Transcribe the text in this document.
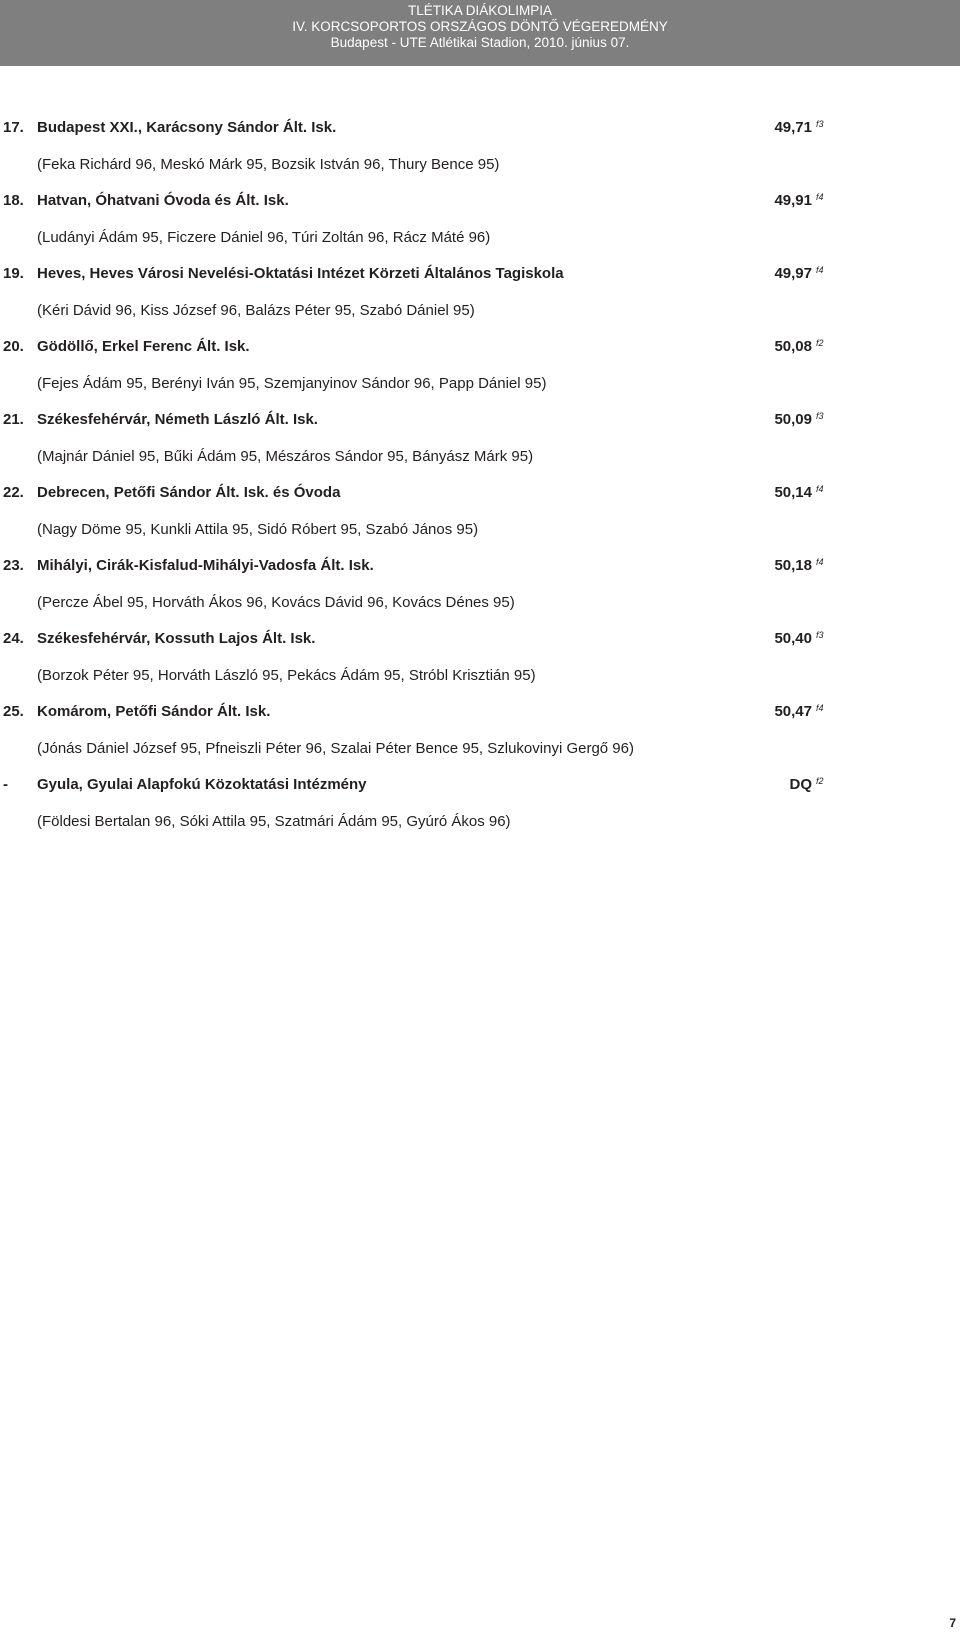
TLÉTIKA DIÁKOLIMPIA
IV. KORCSOPORTOS ORSZÁGOS DÖNTŐ VÉGEREDMÉNY
Budapest - UTE Atlétikai Stadion, 2010. június 07.
17. Budapest XXI., Karácsony Sándor Ált. Isk.	49,71 f3
(Feka Richárd 96, Meskó Márk 95, Bozsik István 96, Thury Bence 95)
18. Hatvan, Óhatvani Óvoda és Ált. Isk.	49,91 f4
(Ludányi Ádám 95, Ficzere Dániel 96, Túri Zoltán 96, Rácz Máté 96)
19. Heves, Heves Városi Nevelési-Oktatási Intézet Körzeti Általános Tagiskola	49,97 f4
(Kéri Dávid 96, Kiss József 96, Balázs Péter 95, Szabó Dániel 95)
20. Gödöllő, Erkel Ferenc Ált. Isk.	50,08 f2
(Fejes Ádám 95, Berényi Iván 95, Szemjanyinov Sándor 96, Papp Dániel 95)
21. Székesfehérvár, Németh László Ált. Isk.	50,09 f3
(Majnár Dániel 95, Bűki Ádám 95, Mészáros Sándor 95, Bányász Márk 95)
22. Debrecen, Petőfi Sándor Ált. Isk. és Óvoda	50,14 f4
(Nagy Döme 95, Kunkli Attila 95, Sidó Róbert 95, Szabó János 95)
23. Mihályi, Cirák-Kisfalud-Mihályi-Vadosfa Ált. Isk.	50,18 f4
(Percze Ábel 95, Horváth Ákos 96, Kovács Dávid 96, Kovács Dénes 95)
24. Székesfehérvár, Kossuth Lajos Ált. Isk.	50,40 f3
(Borzok Péter 95, Horváth László 95, Pekács Ádám 95, Stróbl Krisztián 95)
25. Komárom, Petőfi Sándor Ált. Isk.	50,47 f4
(Jónás Dániel József 95, Pfneiszli Péter 96, Szalai Péter Bence 95, Szlukovinyi Gergő 96)
- Gyula, Gyulai Alapfokú Közoktatási Intézmény	DQ f2
(Földesi Bertalan 96, Sóki Attila 95, Szatmári Ádám 95, Gyúró Ákos 96)
7
